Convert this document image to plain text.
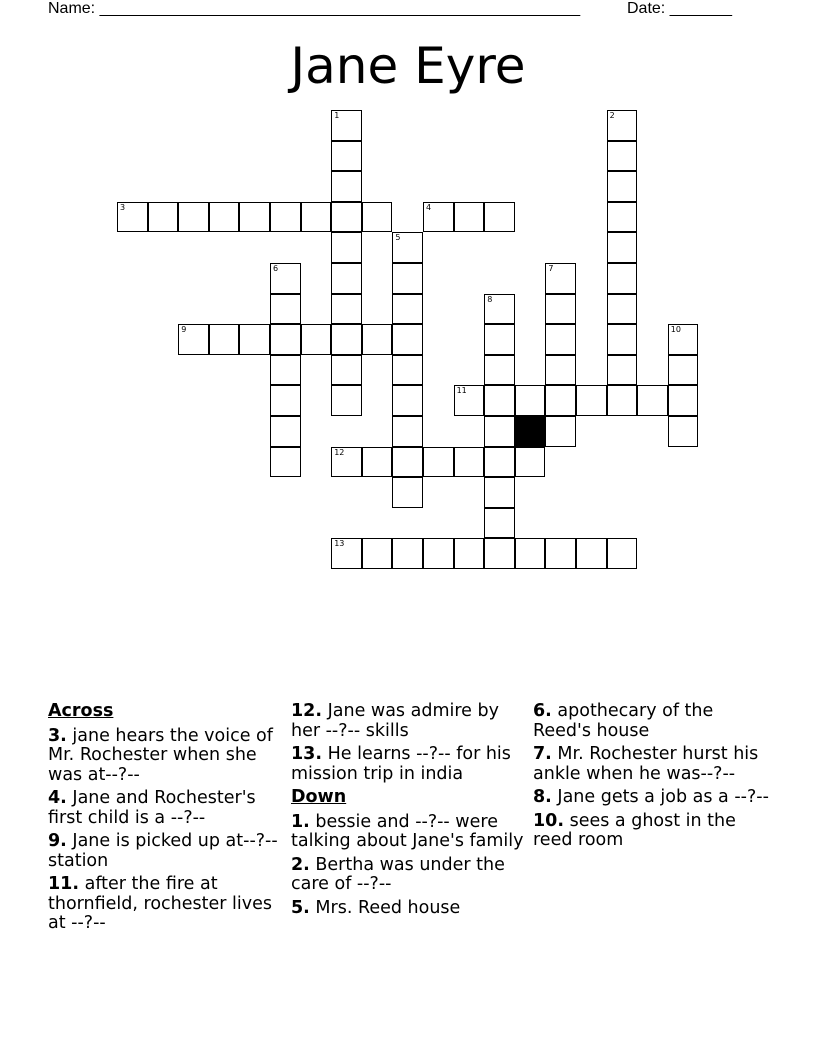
Name: ______________________________________________________	Date: _______
Jane Eyre
1	2
3	4
5
6	7
8
9	10
11
12
13
Across
3. jane hears the voice of Mr. Rochester when she was at--?--
4. Jane and Rochester's first child is a --?--
9. Jane is picked up at--?-- station
11. after the fire at thornfield, rochester lives at --?--
12. Jane was admire by her --?-- skills
13. He learns --?-- for his mission trip in india
Down
1. bessie and --?-- were talking about Jane's family
2. Bertha was under the care of --?--
5. Mrs. Reed house
6. apothecary of the Reed's house
7. Mr. Rochester hurst his ankle when he was--?--
8. Jane gets a job as a --?--
10. sees a ghost in the reed room
